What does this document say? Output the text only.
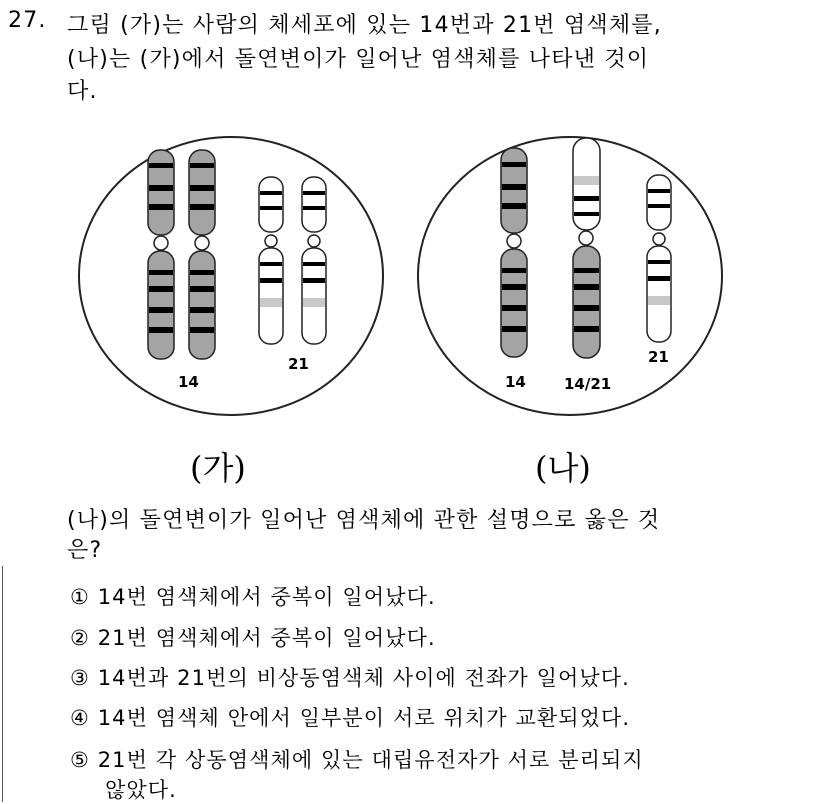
27. 그림 (가)는 사람의 체세포에 있는 14번과 21번 염색체를,
(나)는 (가)에서 돌연변이가 일어난 염색체를 나타낸 것이
다.
14
21
14	14/21
21
(가)	(나)
(나)의 돌연변이가 일어난 염색체에 관한 설명으로 옳은 것
은?
① 14번 염색체에서 중복이 일어났다.
② 21번 염색체에서 중복이 일어났다.
③ 14번과 21번의 비상동염색체 사이에 전좌가 일어났다.
④ 14번 염색체 안에서 일부분이 서로 위치가 교환되었다.
⑤ 21번 각 상동염색체에 있는 대립유전자가 서로 분리되지
않았다.
